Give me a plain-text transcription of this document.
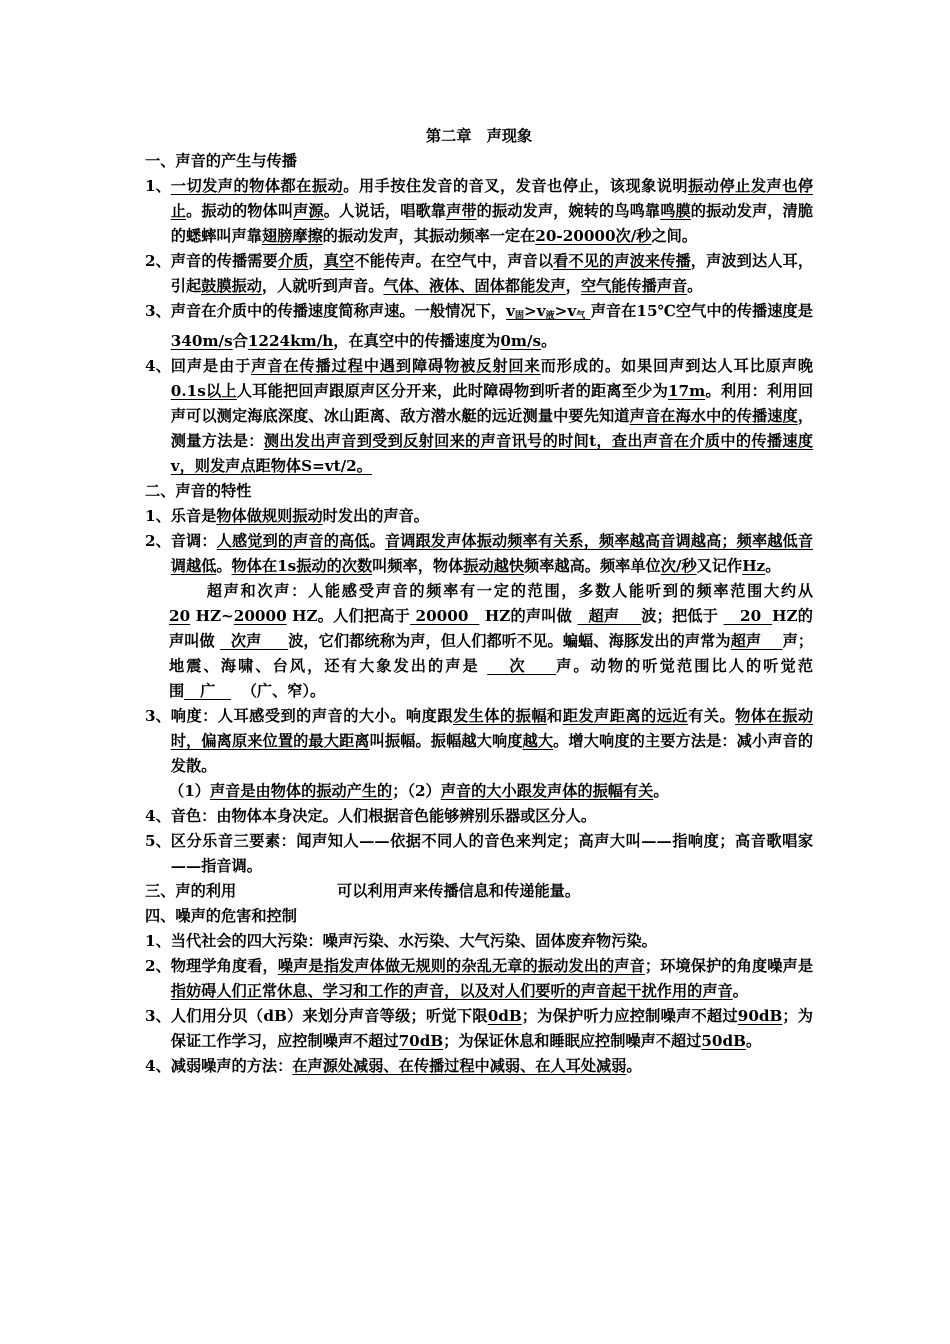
第二章　声现象
一、声音的产生与传播
1、 一切发声的物体都在振动。用手按住发音的音叉，发音也停止，该现象说明振动停止发声也停止。振动的物体叫声源。人说话，唱歌靠声带的振动发声，婉转的鸟鸣靠鸣膜的振动发声，清脆的蟋蟀叫声靠翅膀摩擦的振动发声，其振动频率一定在20-20000次/秒之间。
2、 声音的传播需要介质，真空不能传声。在空气中，声音以看不见的声波来传播，声波到达人耳，引起鼓膜振动，人就听到声音。气体、液体、固体都能发声，空气能传播声音。
3、 声音在介质中的传播速度简称声速。一般情况下，$v_固>v_液>v_气$ 声音在15℃空气中的传播速度是340m/s合1224km/h，在真空中的传播速度为0m/s。
4、 回声是由于声音在传播过程中遇到障碍物被反射回来而形成的。如果回声到达人耳比原声晚0.1s以上人耳能把回声跟原声区分开来，此时障碍物到听者的距离至少为17m。利用：利用回声可以测定海底深度、冰山距离、敌方潜水艇的远近测量中要先知道声音在海水中的传播速度，测量方法是：测出发出声音到受到反射回来的声音讯号的时间t，查出声音在介质中的传播速度v，则发声点距物体S=vt/2。
二、声音的特性
1、 乐音是物体做规则振动时发出的声音。
2、 音调：人感觉到的声音的高低。音调跟发声体振动频率有关系，频率越高音调越高；频率越低音调越低。物体在1s振动的次数叫频率，物体振动越快频率越高。频率单位次/秒又记作Hz。
超声和次声：人能感受声音的频率有一定的范围，多数人能听到的频率范围大约从20 HZ~20000 HZ。人们把高于 20000 HZ的声叫做 超声 波；把低于 20 HZ的声叫做 次声 波，它们都统称为声，但人们都听不见。蝙蝠、海豚发出的声常为超声 声；地震、海啸、台风，还有大象发出的声是 次 声。动物的听觉范围比人的听觉范围 广 （广、窄）。
3、 响度：人耳感受到的声音的大小。响度跟发生体的振幅和距发声距离的远近有关。物体在振动时，偏离原来位置的最大距离叫振幅。振幅越大响度越大。增大响度的主要方法是：减小声音的发散。
（1）声音是由物体的振动产生的；（2）声音的大小跟发声体的振幅有关。
4、 音色：由物体本身决定。人们根据音色能够辨别乐器或区分人。
5、 区分乐音三要素：闻声知人——依据不同人的音色来判定；高声大叫——指响度；高音歌唱家——指音调。
三、声的利用	可以利用声来传播信息和传递能量。
四、噪声的危害和控制
1、 当代社会的四大污染：噪声污染、水污染、大气污染、固体废弃物污染。
2、 物理学角度看，噪声是指发声体做无规则的杂乱无章的振动发出的声音；环境保护的角度噪声是指妨碍人们正常休息、学习和工作的声音，以及对人们要听的声音起干扰作用的声音。
3、 人们用分贝（dB）来划分声音等级；听觉下限0dB；为保护听力应控制噪声不超过90dB；为保证工作学习，应控制噪声不超过70dB；为保证休息和睡眠应控制噪声不超过50dB。
4、 减弱噪声的方法：在声源处减弱、在传播过程中减弱、在人耳处减弱。
